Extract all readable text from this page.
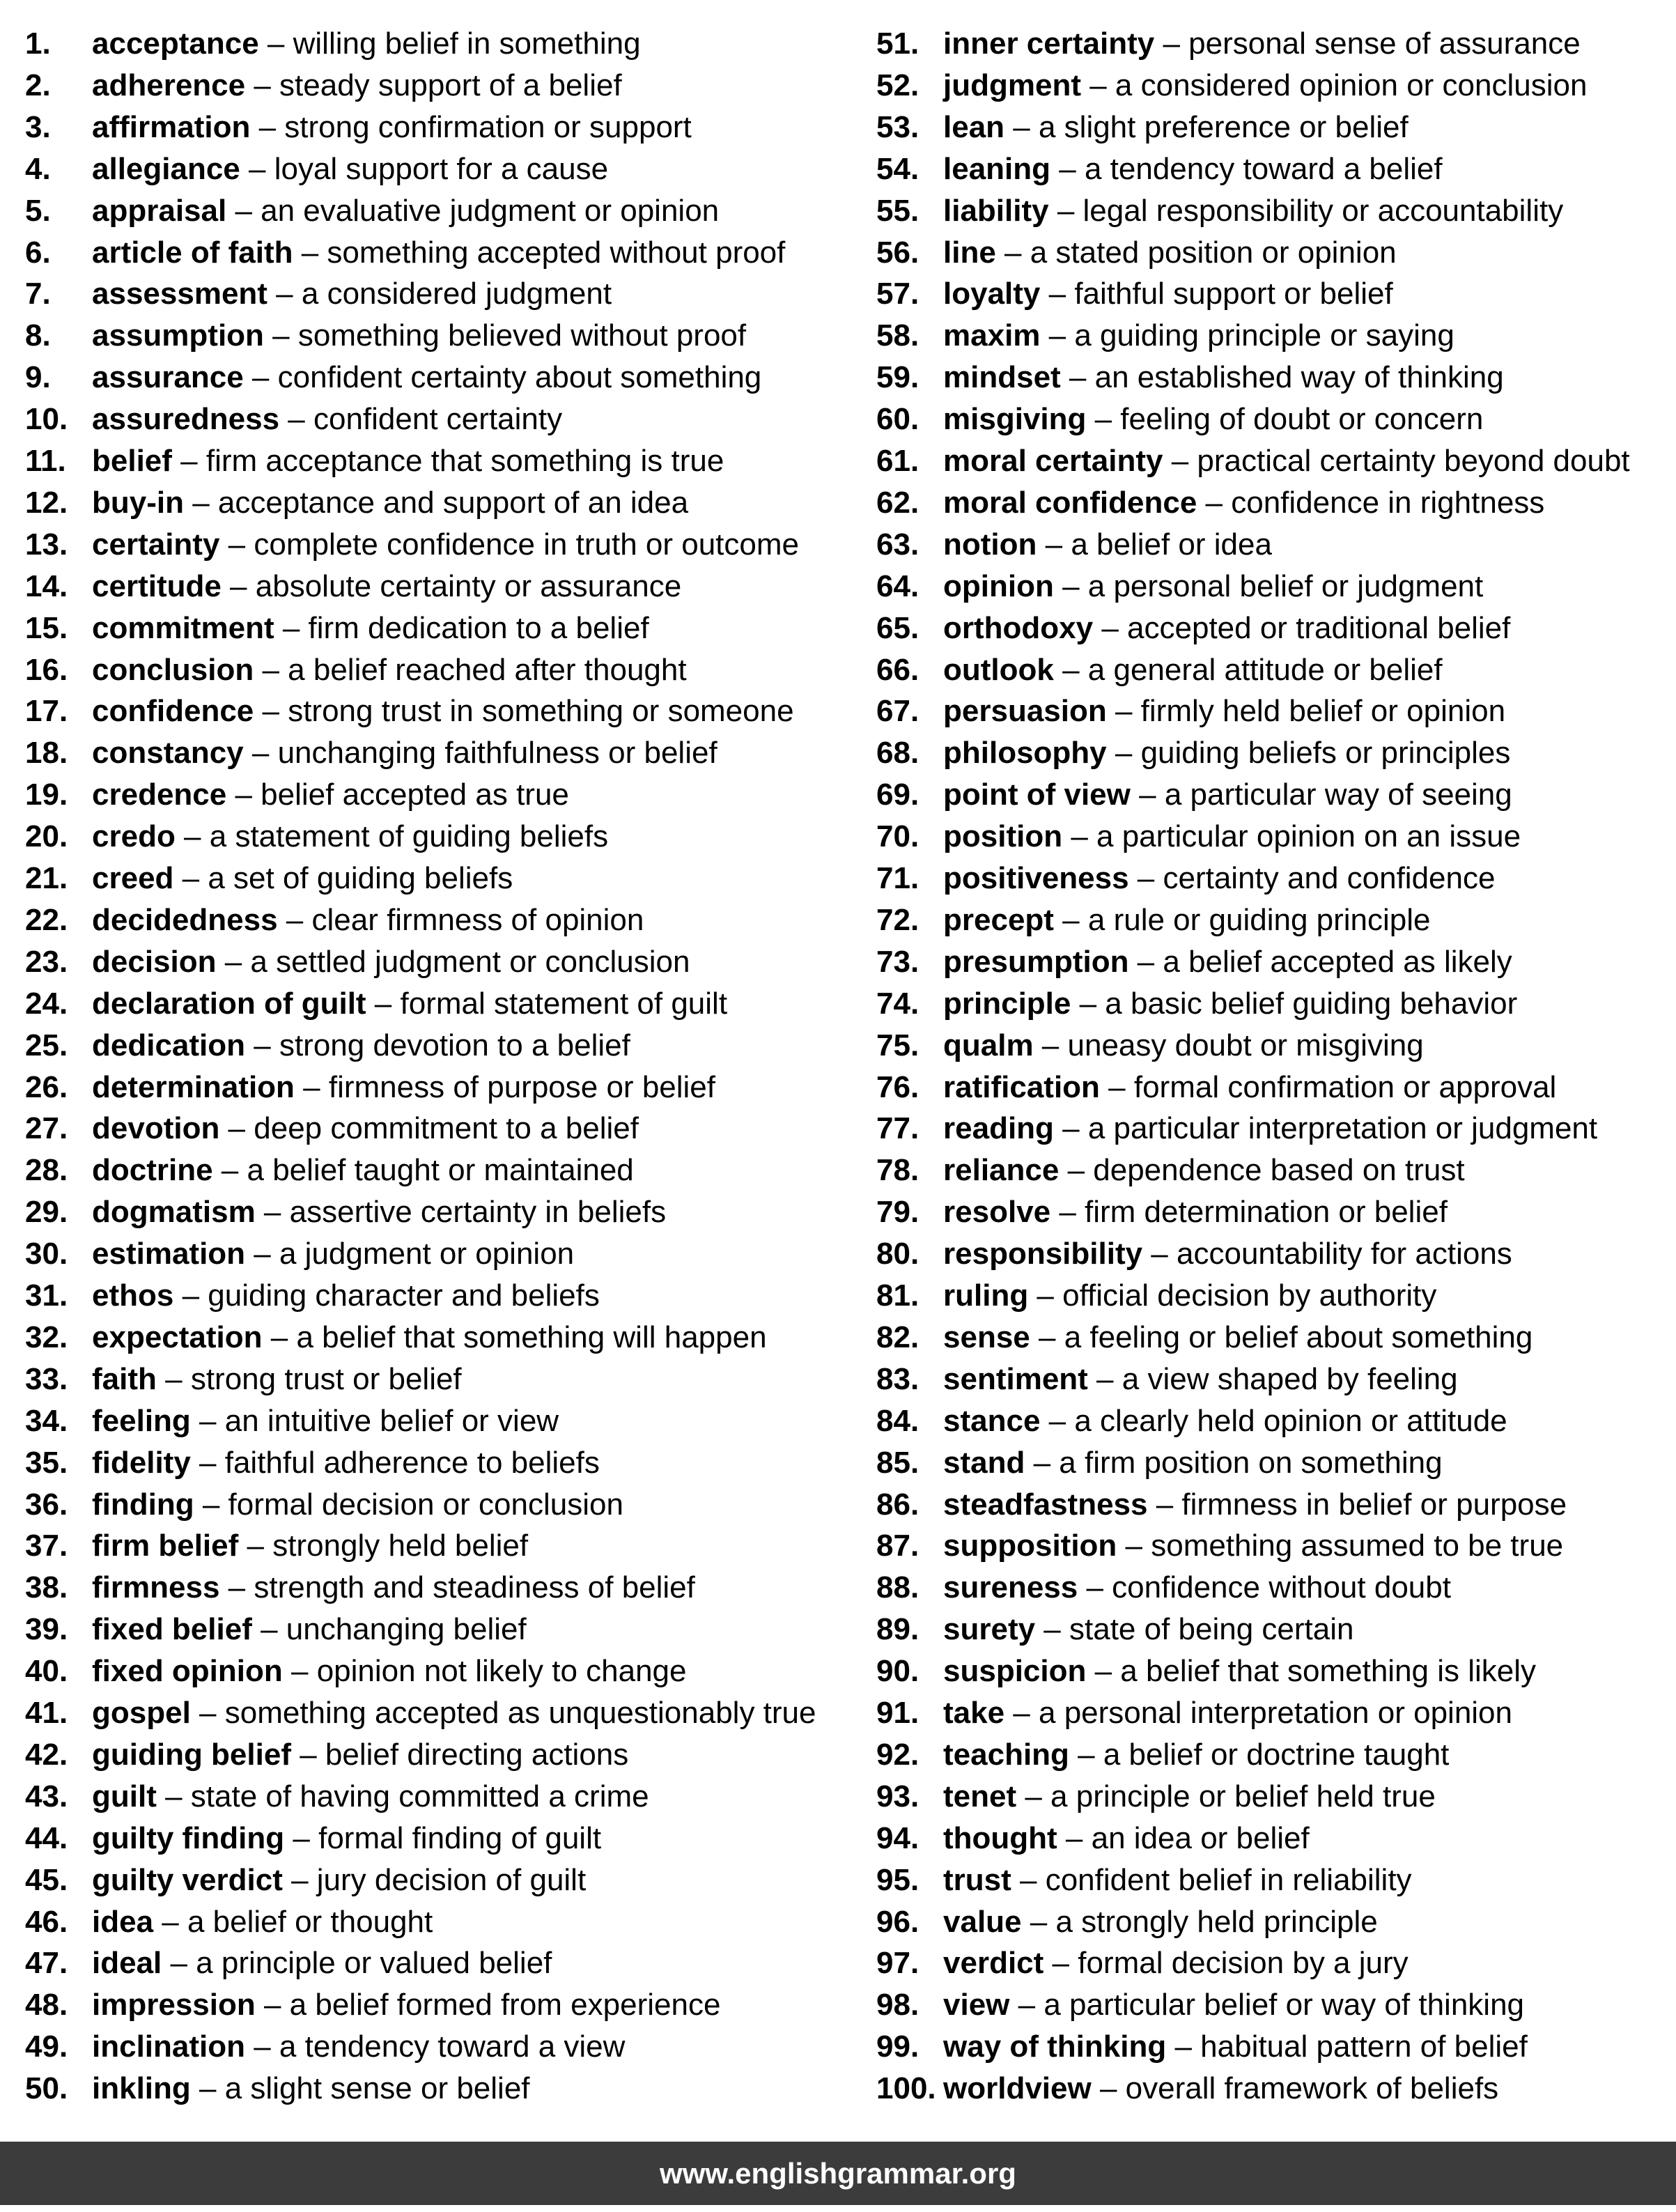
1. acceptance – willing belief in something
2. adherence – steady support of a belief
3. affirmation – strong confirmation or support
4. allegiance – loyal support for a cause
5. appraisal – an evaluative judgment or opinion
6. article of faith – something accepted without proof
7. assessment – a considered judgment
8. assumption – something believed without proof
9. assurance – confident certainty about something
10. assuredness – confident certainty
11. belief – firm acceptance that something is true
12. buy-in – acceptance and support of an idea
13. certainty – complete confidence in truth or outcome
14. certitude – absolute certainty or assurance
15. commitment – firm dedication to a belief
16. conclusion – a belief reached after thought
17. confidence – strong trust in something or someone
18. constancy – unchanging faithfulness or belief
19. credence – belief accepted as true
20. credo – a statement of guiding beliefs
21. creed – a set of guiding beliefs
22. decidedness – clear firmness of opinion
23. decision – a settled judgment or conclusion
24. declaration of guilt – formal statement of guilt
25. dedication – strong devotion to a belief
26. determination – firmness of purpose or belief
27. devotion – deep commitment to a belief
28. doctrine – a belief taught or maintained
29. dogmatism – assertive certainty in beliefs
30. estimation – a judgment or opinion
31. ethos – guiding character and beliefs
32. expectation – a belief that something will happen
33. faith – strong trust or belief
34. feeling – an intuitive belief or view
35. fidelity – faithful adherence to beliefs
36. finding – formal decision or conclusion
37. firm belief – strongly held belief
38. firmness – strength and steadiness of belief
39. fixed belief – unchanging belief
40. fixed opinion – opinion not likely to change
41. gospel – something accepted as unquestionably true
42. guiding belief – belief directing actions
43. guilt – state of having committed a crime
44. guilty finding – formal finding of guilt
45. guilty verdict – jury decision of guilt
46. idea – a belief or thought
47. ideal – a principle or valued belief
48. impression – a belief formed from experience
49. inclination – a tendency toward a view
50. inkling – a slight sense or belief
51. inner certainty – personal sense of assurance
52. judgment – a considered opinion or conclusion
53. lean – a slight preference or belief
54. leaning – a tendency toward a belief
55. liability – legal responsibility or accountability
56. line – a stated position or opinion
57. loyalty – faithful support or belief
58. maxim – a guiding principle or saying
59. mindset – an established way of thinking
60. misgiving – feeling of doubt or concern
61. moral certainty – practical certainty beyond doubt
62. moral confidence – confidence in rightness
63. notion – a belief or idea
64. opinion – a personal belief or judgment
65. orthodoxy – accepted or traditional belief
66. outlook – a general attitude or belief
67. persuasion – firmly held belief or opinion
68. philosophy – guiding beliefs or principles
69. point of view – a particular way of seeing
70. position – a particular opinion on an issue
71. positiveness – certainty and confidence
72. precept – a rule or guiding principle
73. presumption – a belief accepted as likely
74. principle – a basic belief guiding behavior
75. qualm – uneasy doubt or misgiving
76. ratification – formal confirmation or approval
77. reading – a particular interpretation or judgment
78. reliance – dependence based on trust
79. resolve – firm determination or belief
80. responsibility – accountability for actions
81. ruling – official decision by authority
82. sense – a feeling or belief about something
83. sentiment – a view shaped by feeling
84. stance – a clearly held opinion or attitude
85. stand – a firm position on something
86. steadfastness – firmness in belief or purpose
87. supposition – something assumed to be true
88. sureness – confidence without doubt
89. surety – state of being certain
90. suspicion – a belief that something is likely
91. take – a personal interpretation or opinion
92. teaching – a belief or doctrine taught
93. tenet – a principle or belief held true
94. thought – an idea or belief
95. trust – confident belief in reliability
96. value – a strongly held principle
97. verdict – formal decision by a jury
98. view – a particular belief or way of thinking
99. way of thinking – habitual pattern of belief
100. worldview – overall framework of beliefs
www.englishgrammar.org
